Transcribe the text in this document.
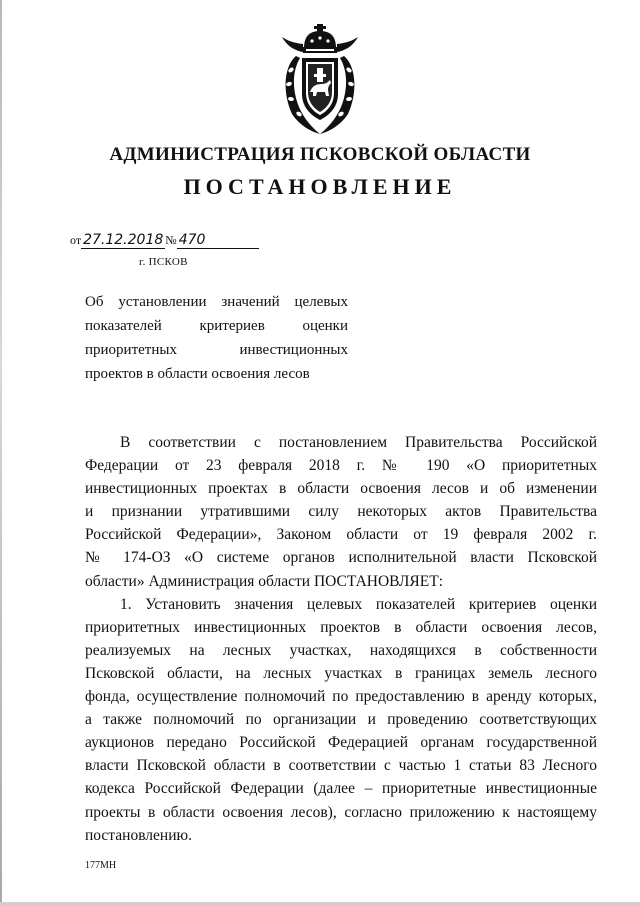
АДМИНИСТРАЦИЯ ПСКОВСКОЙ ОБЛАСТИ
ПОСТАНОВЛЕНИЕ
от 27.12.2018 № 470
г. ПСКОВ
Об установлении значений целевых
показателей критериев оценки
приоритетных инвестиционных
проектов в области освоения лесов
В соответствии с постановлением Правительства Российской
Федерации от 23 февраля 2018 г. № 190 «О приоритетных
инвестиционных проектах в области освоения лесов и об изменении
и признании утратившими силу некоторых актов Правительства
Российской Федерации», Законом области от 19 февраля 2002 г.
№ 174-ОЗ «О системе органов исполнительной власти Псковской
области» Администрация области ПОСТАНОВЛЯЕТ:
1. Установить значения целевых показателей критериев оценки
приоритетных инвестиционных проектов в области освоения лесов,
реализуемых на лесных участках, находящихся в собственности
Псковской области, на лесных участках в границах земель лесного
фонда, осуществление полномочий по предоставлению в аренду которых,
а также полномочий по организации и проведению соответствующих
аукционов передано Российской Федерацией органам государственной
власти Псковской области в соответствии с частью 1 статьи 83 Лесного
кодекса Российской Федерации (далее – приоритетные инвестиционные
проекты в области освоения лесов), согласно приложению к настоящему
постановлению.
177МН
